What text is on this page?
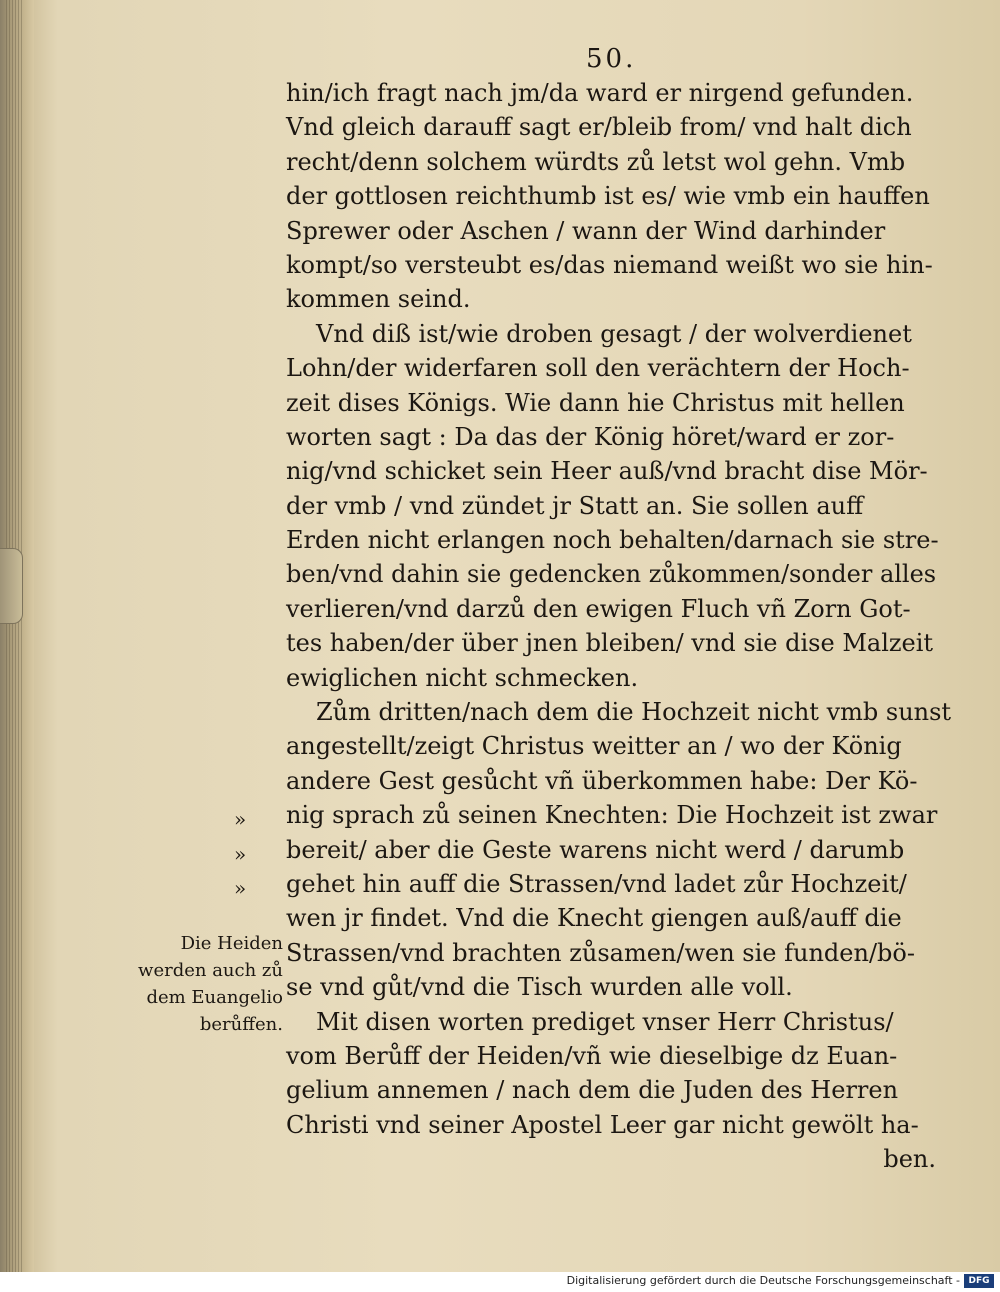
50.
hin/ich fragt nach jm/da ward er nirgend gefunden.
Vnd gleich darauff sagt er/bleib from/ vnd halt dich
recht/denn solchem würdts zů letst wol gehn. Vmb
der gottlosen reichthumb ist es/ wie vmb ein hauffen
Sprewer oder Aschen / wann der Wind darhinder
kompt/so versteubt es/das niemand weißt wo sie hin-
kommen seind.
Vnd diß ist/wie droben gesagt / der wolverdienet
Lohn/der widerfaren soll den verächtern der Hoch-
zeit dises Königs. Wie dann hie Christus mit hellen
worten sagt : Da das der König höret/ward er zor-
nig/vnd schicket sein Heer auß/vnd bracht dise Mör-
der vmb / vnd zündet jr Statt an. Sie sollen auff
Erden nicht erlangen noch behalten/darnach sie stre-
ben/vnd dahin sie gedencken zůkommen/sonder alles
verlieren/vnd darzů den ewigen Fluch vñ Zorn Got-
tes haben/der über jnen bleiben/ vnd sie dise Malzeit
ewiglichen nicht schmecken.
Zům dritten/nach dem die Hochzeit nicht vmb sunst
angestellt/zeigt Christus weitter an / wo der König
andere Gest gesůcht vñ überkommen habe: Der Kö-
» nig sprach zů seinen Knechten: Die Hochzeit ist zwar
» bereit/ aber die Geste warens nicht werd / darumb
» gehet hin auff die Strassen/vnd ladet zůr Hochzeit/
wen jr findet. Vnd die Knecht giengen auß/auff die
Strassen/vnd brachten zůsamen/wen sie funden/bö-
se vnd gůt/vnd die Tisch wurden alle voll.
Mit disen worten prediget vnser Herr Christus/
vom Berůff der Heiden/vñ wie dieselbige dz Euan-
gelium annemen / nach dem die Juden des Herren
Christi vnd seiner Apostel Leer gar nicht gewölt ha-
ben.
Die Heiden
werden auch zů
dem Euangelio
berůffen.
Digitalisierung gefördert durch die Deutsche Forschungsgemeinschaft - DFG
